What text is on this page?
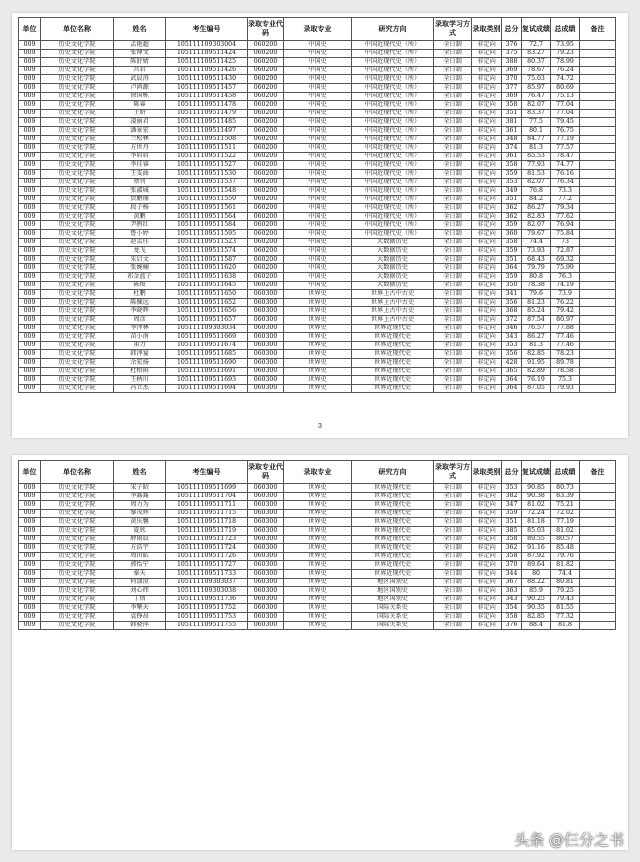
单位	单位名称	姓名	考生编号	录取专业代码	录取专业	研究方向	录取学习方式	录取类别	总分	复试成绩	总成绩	备注
009	历史文化学院	孟艳超	105111109303004	060200	中国史	中国近现代史（所）	全日制	非定向	376	72.7	73.95	
009	历史文化学院	张博文	105111109511424	060200	中国史	中国近现代史（所）	全日制	非定向	375	83.27	79.23	
009	历史文化学院	陈舒婧	105111109511425	060200	中国史	中国近现代史（所）	全日制	非定向	388	80.37	78.99	
009	历史文化学院	宫君	105111109511426	060200	中国史	中国近现代史（所）	全日制	非定向	369	78.67	76.24	
009	历史文化学院	武晨涛	105111109511430	060200	中国史	中国近现代史（所）	全日制	非定向	370	75.03	74.72	
009	历史文化学院	卢鸿源	105111109511457	060200	中国史	中国近现代史（所）	全日制	非定向	377	85.97	80.69	
009	历史文化学院	徐国栋	105111109511458	060200	中国史	中国近现代史（所）	全日制	非定向	369	76.47	75.13	
009	历史文化学院	陈睿	105111109511478	060200	中国史	中国近现代史（所）	全日制	非定向	358	82.07	77.04	
009	历史文化学院	王妍	105111109511479	060200	中国史	中国近现代史（所）	全日制	非定向	351	83.37	77.04	
009	历史文化学院	凌丽君	105111109511485	060200	中国史	中国近现代史（所）	全日制	非定向	381	77.5	79.45	
009	历史文化学院	潘景宏	105111109511497	060200	中国史	中国近现代史（所）	全日制	非定向	361	80.1	76.75	
009	历史文化学院	兰松林	105111109511508	060200	中国史	中国近现代史（所）	全日制	非定向	348	84.77	77.19	
009	历史文化学院	方世丹	105111109511511	060200	中国史	中国近现代史（所）	全日制	非定向	374	81.3	77.57	
009	历史文化学院	李眉眉	105111109511522	060200	中国史	中国近现代史（所）	全日制	非定向	361	85.53	78.47	
009	历史文化学院	李佳睿	105111109511527	060200	中国史	中国近现代史（所）	全日制	非定向	358	77.93	74.77	
009	历史文化学院	王雯曲	105111109511530	060200	中国史	中国近现代史（所）	全日制	非定向	359	81.53	76.16	
009	历史文化学院	蔡钊	105111109511537	060200	中国史	中国近现代史（所）	全日制	非定向	353	82.07	76.34	
009	历史文化学院	张淑城	105111109511548	060200	中国史	中国近现代史（所）	全日制	非定向	349	76.8	73.3	
009	历史文化学院	贾鹏丽	105111109511550	060200	中国史	中国近现代史（所）	全日制	非定向	351	84.2	77.2	
009	历史文化学院	段子杨	105111109511561	060200	中国史	中国近现代史（所）	全日制	非定向	362	86.27	79.34	
009	历史文化学院	黄鹏	105111109511564	060200	中国史	中国近现代史（所）	全日制	非定向	362	82.83	77.62	
009	历史文化学院	尹鹃红	105111109511584	060200	中国史	中国近现代史（所）	全日制	非定向	359	82.07	76.94	
009	历史文化学院	鲁小婷	105111109511595	060200	中国史	中国近现代史（所）	全日制	非定向	360	79.67	75.84	
009	历史文化学院	赵孟佳	105111109511523	060200	中国史	大数据历史	全日制	非定向	358	74.4	73	
009	历史文化学院	龙飞	105111109511574	060200	中国史	大数据历史	全日制	非定向	359	73.93	72.87	
009	历史文化学院	朱启文	105111109511587	060200	中国史	大数据历史	全日制	非定向	351	68.43	69.32	
009	历史文化学院	张婉楠	105111109511620	060200	中国史	大数据历史	全日制	非定向	364	79.79	75.99	
009	历史文化学院	祁金蓝子	105111109511638	060200	中国史	大数据历史	全日制	非定向	359	80.8	76.3	
009	历史文化学院	陈俊	105111109511645	060200	中国史	大数据历史	全日制	非定向	350	78.38	74.19	
009	历史文化学院	杜鹏	105111109511650	060300	世界史	世界上古中古史	全日制	非定向	341	79.6	73.9	
009	历史文化学院	陈佩远	105111109511652	060300	世界史	世界上古中古史	全日制	非定向	356	81.23	76.22	
009	历史文化学院	李晓辉	105111109511656	060300	世界史	世界上古中古史	全日制	非定向	368	85.24	79.42	
009	历史文化学院	周彦	105111109511657	060300	世界史	世界上古中古史	全日制	非定向	372	87.54	80.97	
009	历史文化学院	李泽林	105111109303034	060300	世界史	世界近现代史	全日制	非定向	346	76.57	77.88	
009	历史文化学院	苗小南	105111109511669	060300	世界史	世界近现代史	全日制	非定向	343	86.27	77.46	
009	历史文化学院	董力	105111109511674	060300	世界史	世界近现代史	全日制	非定向	353	81.3	77.46	
009	历史文化学院	韩泽宴	105111109511685	060300	世界史	世界近现代史	全日制	非定向	356	82.85	78.23	
009	历史文化学院	余宏扬	105111109511690	060300	世界史	世界近现代史	全日制	非定向	428	91.95	89.78	
009	历史文化学院	杜梧雨	105111109511691	060300	世界史	世界近现代史	全日制	非定向	365	82.89	78.58	
009	历史文化学院	王柄川	105111109511693	060300	世界史	世界近现代史	全日制	非定向	364	76.19	75.3	
009	历史文化学院	冯立杰	105111109511694	060300	世界史	世界近现代史	全日制	非定向	364	87.05	79.93	
3
单位	单位名称	姓名	考生编号	录取专业代码	录取专业	研究方向	录取学习方式	录取类别	总分	复试成绩	总成绩	备注
009	历史文化学院	宋子昭	105111109511699	060300	世界史	世界近现代史	全日制	非定向	353	90.85	80.73	
009	历史文化学院	李露露	105111109511704	060300	世界史	世界近现代史	全日制	非定向	382	90.38	83.39	
009	历史文化学院	周力为	105111109511711	060300	世界史	世界近现代史	全日制	非定向	347	81.02	75.21	
009	历史文化学院	黎茂辉	105111109511715	060300	世界史	世界近现代史	全日制	非定向	359	72.24	72.02	
009	历史文化学院	黄庆馨	105111109511718	060300	世界史	世界近现代史	全日制	非定向	351	81.18	77.19	
009	历史文化学院	夏欣	105111109511719	060300	世界史	世界近现代史	全日制	非定向	385	85.03	81.02	
009	历史文化学院	薛雨晨	105111109511723	060300	世界史	世界近现代史	全日制	非定向	358	89.55	80.57	
009	历史文化学院	方浩宇	105111109511724	060300	世界史	世界近现代史	全日制	非定向	362	91.16	85.48	
009	历史文化学院	周田皓	105111109511726	060300	世界史	世界近现代史	全日制	非定向	358	87.92	79.76	
009	历史文化学院	郭怡宁	105111109511727	060300	世界史	世界近现代史	全日制	非定向	370	89.64	81.82	
009	历史文化学院	秦天	105111109511733	060300	世界史	世界近现代史	全日制	非定向	344	80	74.4	
009	历史文化学院	何潇澄	105111109303037	060300	世界史	地区国别史	全日制	非定向	367	88.22	80.81	
009	历史文化学院	刘心炜	105111109303038	060300	世界史	地区国别史	全日制	非定向	363	85.9	79.25	
009	历史文化学院	丁倩	105111109511736	060300	世界史	地区国别史	全日制	非定向	343	90.25	79.43	
009	历史文化学院	李擎天	105111109511752	060300	世界史	国际关系史	全日制	非定向	354	90.35	81.55	
009	历史文化学院	袁铮昂	105111109511753	060300	世界史	国际关系史	全日制	非定向	358	82.85	77.32	
009	历史文化学院	韩骁萍	105111109511755	060300	世界史	国际关系史	全日制	非定向	376	88.4	81.8	
头条 @仨分之书
